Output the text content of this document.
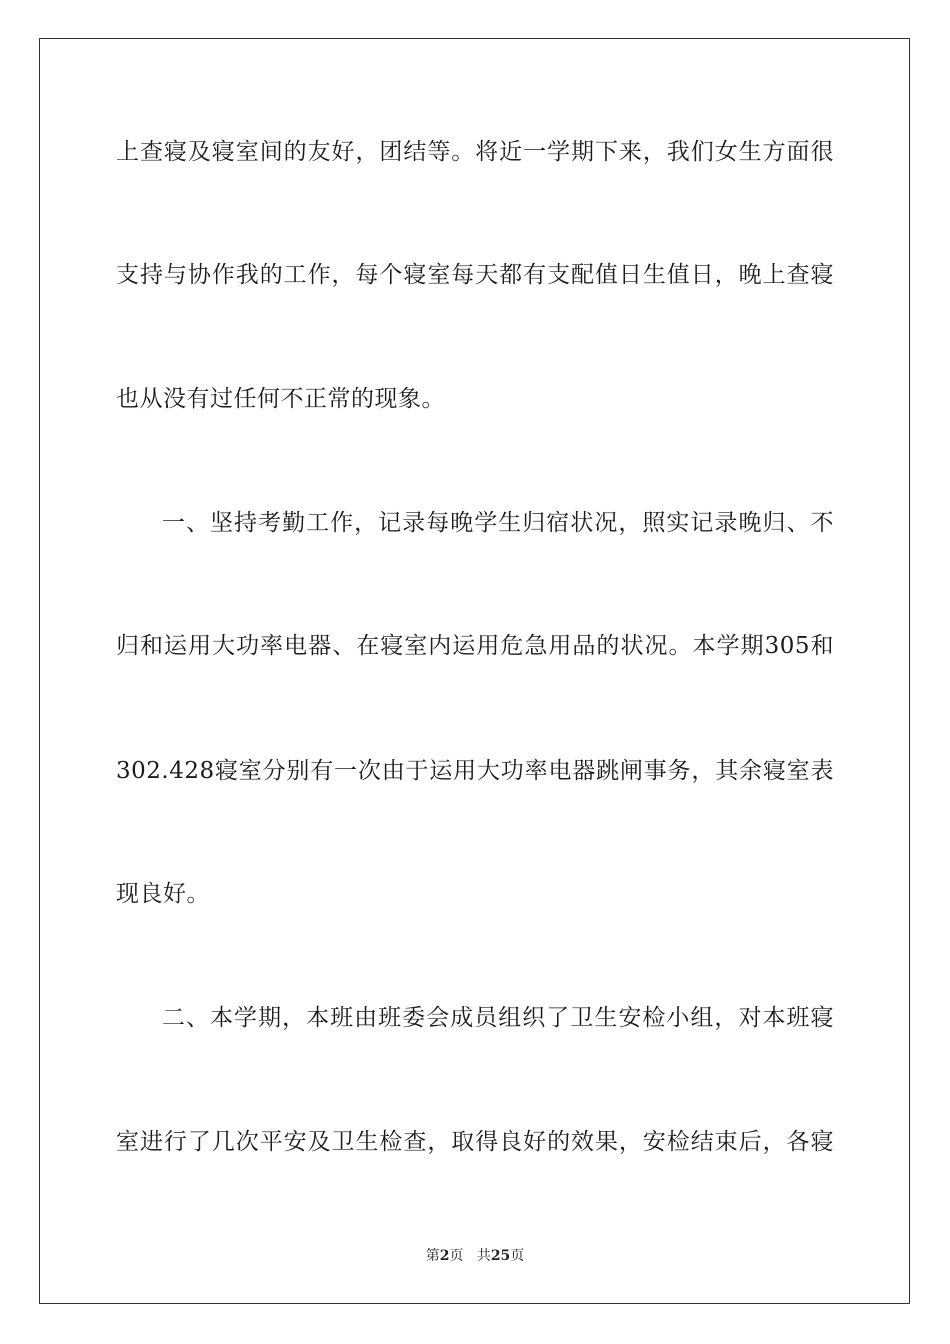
上查寝及寝室间的友好，团结等。将近一学期下来，我们女生方面很
支持与协作我的工作，每个寝室每天都有支配值日生值日，晚上查寝
也从没有过任何不正常的现象。
一、坚持考勤工作，记录每晚学生归宿状况，照实记录晚归、不
归和运用大功率电器、在寝室内运用危急用品的状况。本学期305和
302.428寝室分别有一次由于运用大功率电器跳闸事务，其余寝室表
现良好。
二、本学期，本班由班委会成员组织了卫生安检小组，对本班寝
室进行了几次平安及卫生检查，取得良好的效果，安检结束后，各寝
第2页 共25页
